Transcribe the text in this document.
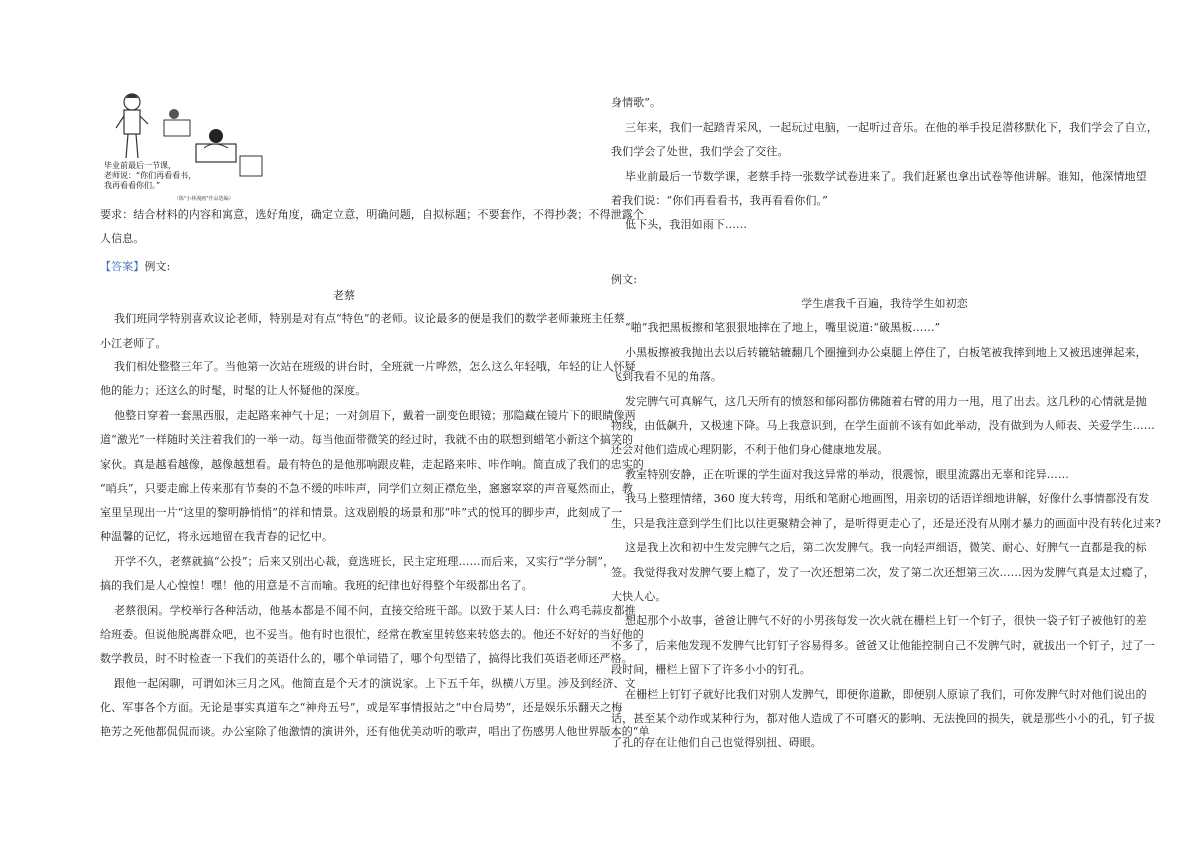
毕业前最后一节课，
老师说：“你们再看看书，
我再看看你们。”
（陈"小林漫画"作品选编）
要求：结合材料的内容和寓意，选好角度，确定立意，明确问题，自拟标题；不要套作，不得抄袭；不得泄露个
人信息。
【答案】例文:
老蔡
我们班同学特别喜欢议论老师，特别是对有点“特色”的老师。议论最多的便是我们的数学老师兼班主任蔡
小江老师了。
我们相处整整三年了。当他第一次站在班级的讲台时，全班就一片哗然，怎么这么年轻哦，年轻的让人怀疑
他的能力；还这么的时髦，时髦的让人怀疑他的深度。
他整日穿着一套黑西服，走起路来神气十足；一对剑眉下，戴着一副变色眼镜；那隐藏在镜片下的眼睛像两
道“激光”一样随时关注着我们的一举一动。每当他面带微笑的经过时，我就不由的联想到蜡笔小新这个搞笑的
家伙。真是越看越像，越像越想看。最有特色的是他那响跟皮鞋，走起路来咔、咔作响。简直成了我们的忠实的
“哨兵”，只要走廊上传来那有节奏的不急不缓的咔咔声，同学们立刻正襟危坐，窸窸窣窣的声音戛然而止，教
室里呈现出一片“这里的黎明静悄悄”的祥和情景。这戏剧般的场景和那“咔”式的悦耳的脚步声，此刻成了一
种温馨的记忆，将永远地留在我青春的记忆中。
开学不久，老蔡就搞“公投”；后来又别出心裁，竟选班长，民主定班理……而后来，又实行“学分制”，
搞的我们是人心惶惶！嘿！他的用意是不言而喻。我班的纪律也好得整个年级都出名了。
老蔡很闲。学校举行各种活动，他基本都是不闻不问，直接交给班干部。以致于某人曰：什么鸡毛蒜皮都推
给班委。但说他脱离群众吧，也不妥当。他有时也很忙，经常在教室里转悠来转悠去的。他还不好好的当好他的
数学教员，时不时检查一下我们的英语什么的，哪个单词错了，哪个句型错了，搞得比我们英语老师还严格。
跟他一起闲聊，可谓如沐三月之风。他简直是个天才的演说家。上下五千年，纵横八万里。涉及到经济、文
化、军事各个方面。无论是事实真道车之“神舟五号”，或是军事情报站之“中台局势”，还是娱乐乐翻天之梅
艳芳之死他都侃侃而谈。办公室除了他激情的演讲外，还有他优美动听的歌声，唱出了伤感男人他世界版本的“单
身情歌”。
三年来，我们一起踏青采风，一起玩过电脑，一起听过音乐。在他的举手投足潜移默化下，我们学会了自立，
我们学会了处世，我们学会了交往。
毕业前最后一节数学课，老蔡手持一张数学试卷进来了。我们赶紧也拿出试卷等他讲解。谁知，他深情地望
着我们说：“你们再看看书，我再看看你们。”
低下头，我泪如雨下……
例文:
学生虐我千百遍，我待学生如初恋
“啪”我把黑板擦和笔狠狠地摔在了地上，嘴里说道:“破黑板……”
小黑板擦被我抛出去以后转辘轱辘翻几个圈撞到办公桌腿上停住了，白板笔被我摔到地上又被迅速弹起来，
飞到我看不见的角落。
发完脾气可真解气，这几天所有的愤怒和郁闷都仿佛随着右臂的用力一甩，甩了出去。这几秒的心情就是抛
物线，由低飙升，又极速下降。马上我意识到，在学生面前不该有如此举动，没有做到为人师表、关爱学生……
还会对他们造成心理阴影，不利于他们身心健康地发展。
教室特别安静，正在听课的学生面对我这异常的举动，很震惊，眼里流露出无辜和诧异……
我马上整理情绪，360 度大转弯，用纸和笔耐心地画图，用亲切的话语详细地讲解，好像什么事情都没有发
生，只是我注意到学生们比以往更聚精会神了，是听得更走心了，还是还没有从刚才暴力的画面中没有转化过来?
这是我上次和初中生发完脾气之后，第二次发脾气。我一向轻声细语，微笑、耐心、好脾气一直都是我的标
签。我觉得我对发脾气要上瘾了，发了一次还想第二次，发了第二次还想第三次……因为发脾气真是太过瘾了，
大快人心。
想起那个小故事，爸爸让脾气不好的小男孩每发一次火就在栅栏上钉一个钉子，很快一袋子钉子被他钉的差
不多了，后来他发现不发脾气比钉钉子容易得多。爸爸又让他能控制自己不发脾气时，就拔出一个钉子，过了一
段时间，栅栏上留下了许多小小的钉孔。
在栅栏上钉钉子就好比我们对别人发脾气，即便你道歉，即便别人原谅了我们，可你发脾气时对他们说出的
话，甚至某个动作或某种行为，都对他人造成了不可磨灭的影响、无法挽回的损失，就是那些小小的孔，钉子拔
了孔的存在让他们自己也觉得别扭、碍眼。
